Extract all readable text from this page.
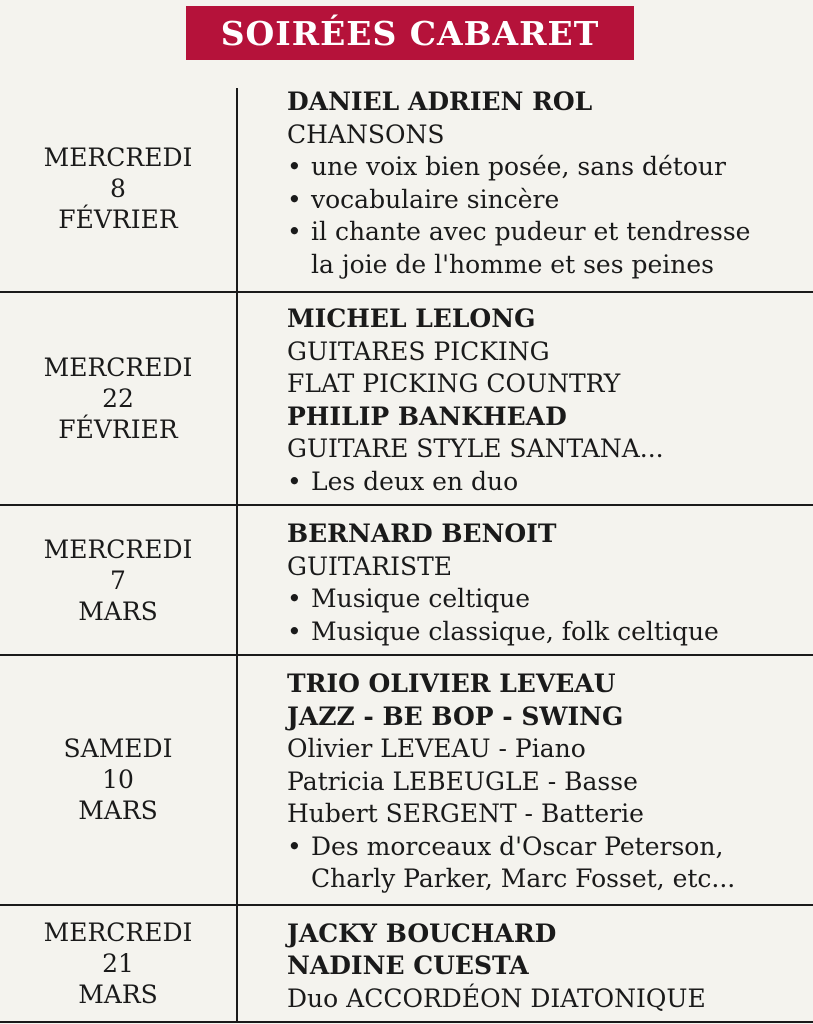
SOIRÉES CABARET
MERCREDI
8
FÉVRIER
DANIEL ADRIEN ROL
CHANSONS
• une voix bien posée, sans détour
• vocabulaire sincère
• il chante avec pudeur et tendresse
la joie de l'homme et ses peines
MERCREDI
22
FÉVRIER
MICHEL LELONG
GUITARES PICKING
FLAT PICKING COUNTRY
PHILIP BANKHEAD
GUITARE STYLE SANTANA...
• Les deux en duo
MERCREDI
7
MARS
BERNARD BENOIT
GUITARISTE
• Musique celtique
• Musique classique, folk celtique
SAMEDI
10
MARS
TRIO OLIVIER LEVEAU
JAZZ - BE BOP - SWING
Olivier LEVEAU - Piano
Patricia LEBEUGLE - Basse
Hubert SERGENT - Batterie
• Des morceaux d'Oscar Peterson,
Charly Parker, Marc Fosset, etc...
MERCREDI
21
MARS
JACKY BOUCHARD
NADINE CUESTA
Duo ACCORDÉON DIATONIQUE
